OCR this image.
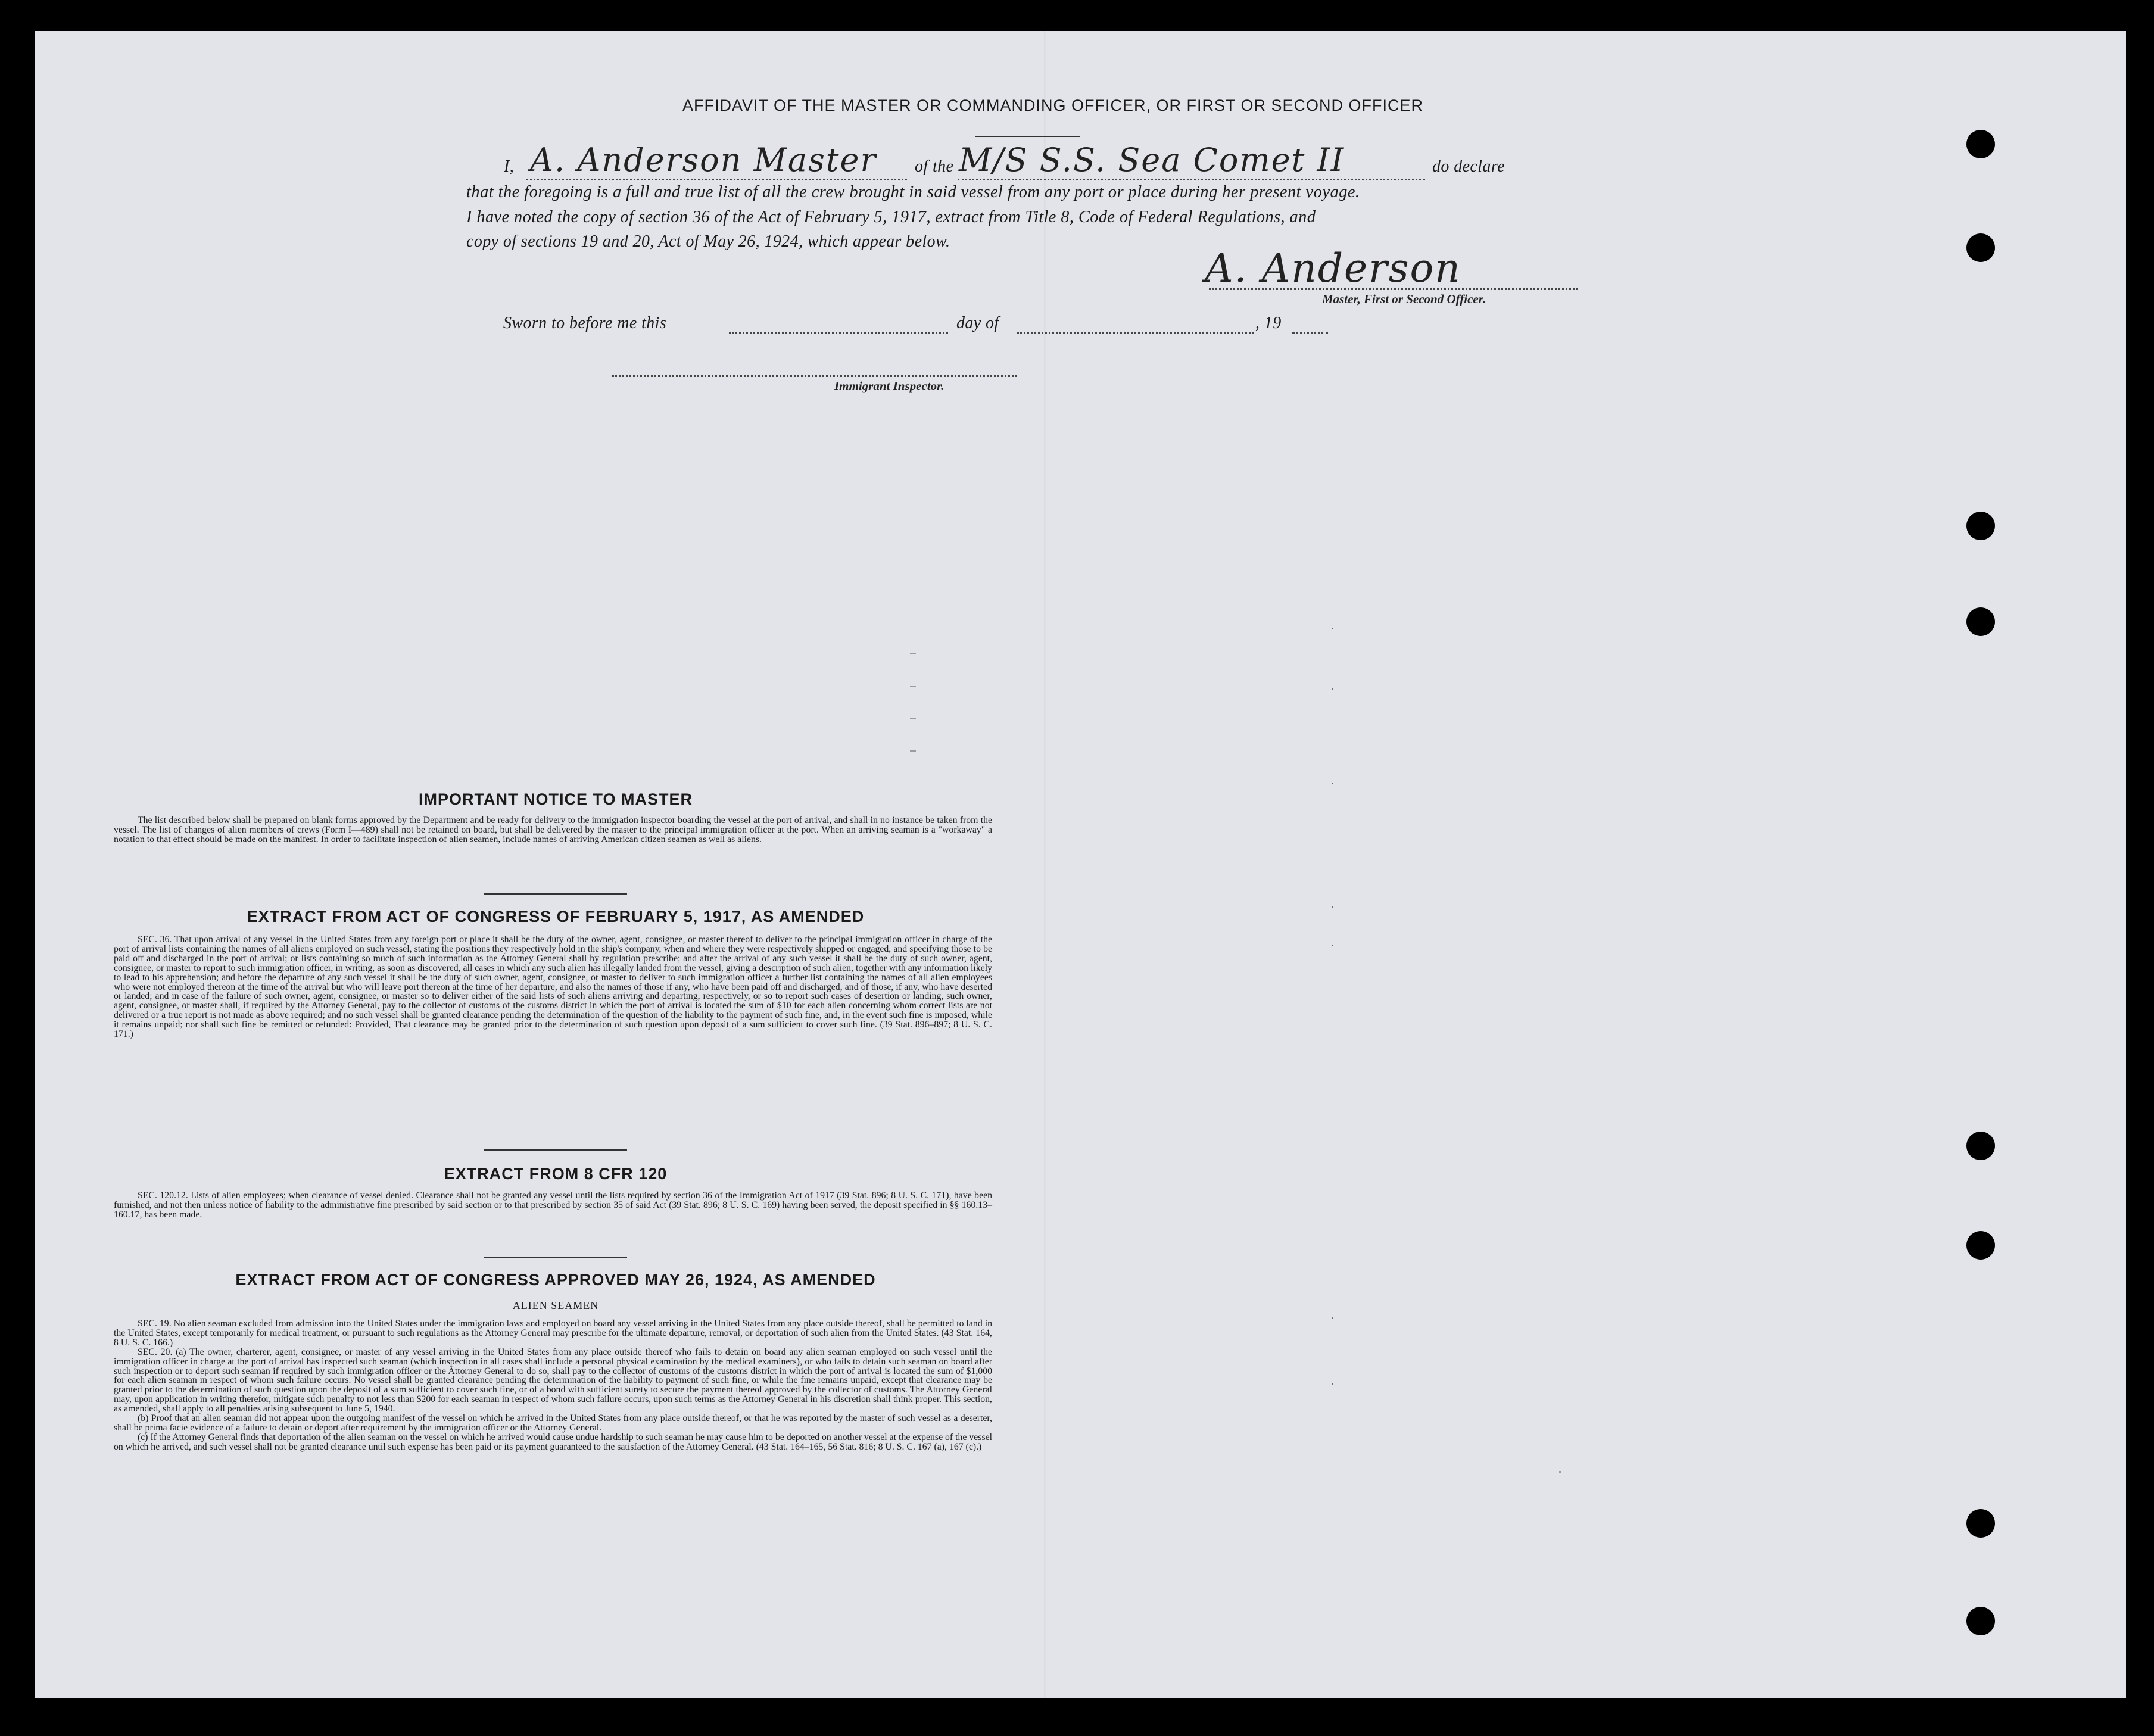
AFFIDAVIT OF THE MASTER OR COMMANDING OFFICER, OR FIRST OR SECOND OFFICER
I, A. Anderson Master of the M/S S.S. Sea Comet II	do declare
that the foregoing is a full and true list of all the crew brought in said vessel from any port or place during her present voyage.
I have noted the copy of section 36 of the Act of February 5, 1917, extract from Title 8, Code of Federal Regulations, and
copy of sections 19 and 20, Act of May 26, 1924, which appear below.
A. Anderson
Master, First or Second Officer.
Sworn to before me this	day of	, 19
Immigrant Inspector.
IMPORTANT NOTICE TO MASTER

The list described below shall be prepared on blank forms approved by the Department and be ready for delivery to the immigration inspector boarding the vessel at the port of arrival, and shall in no instance be taken from the vessel. The list of changes of alien members of crews (Form I—489) shall not be retained on board, but shall be delivered by the master to the principal immigration officer at the port. When an arriving seaman is a "workaway" a notation to that effect should be made on the manifest. In order to facilitate inspection of alien seamen, include names of arriving American citizen seamen as well as aliens.

EXTRACT FROM ACT OF CONGRESS OF FEBRUARY 5, 1917, AS AMENDED

SEC. 36. That upon arrival of any vessel in the United States from any foreign port or place it shall be the duty of the owner, agent, consignee, or master thereof to deliver to the principal immigration officer in charge of the port of arrival lists containing the names of all aliens employed on such vessel, stating the positions they respectively hold in the ship's company, when and where they were respectively shipped or engaged, and specifying those to be paid off and discharged in the port of arrival; or lists containing so much of such information as the Attorney General shall by regulation prescribe; and after the arrival of any such vessel it shall be the duty of such owner, agent, consignee, or master to report to such immigration officer, in writing, as soon as discovered, all cases in which any such alien has illegally landed from the vessel, giving a description of such alien, together with any information likely to lead to his apprehension; and before the departure of any such vessel it shall be the duty of such owner, agent, consignee, or master to deliver to such immigration officer a further list containing the names of all alien employees who were not employed thereon at the time of the arrival but who will leave port thereon at the time of her departure, and also the names of those if any, who have been paid off and discharged, and of those, if any, who have deserted or landed; and in case of the failure of such owner, agent, consignee, or master so to deliver either of the said lists of such aliens arriving and departing, respectively, or so to report such cases of desertion or landing, such owner, agent, consignee, or master shall, if required by the Attorney General, pay to the collector of customs of the customs district in which the port of arrival is located the sum of $10 for each alien concerning whom correct lists are not delivered or a true report is not made as above required; and no such vessel shall be granted clearance pending the determination of the question of the liability to the payment of such fine, and, in the event such fine is imposed, while it remains unpaid; nor shall such fine be remitted or refunded: Provided, That clearance may be granted prior to the determination of such question upon deposit of a sum sufficient to cover such fine. (39 Stat. 896–897; 8 U. S. C. 171.)

EXTRACT FROM 8 CFR 120

SEC. 120.12. Lists of alien employees; when clearance of vessel denied. Clearance shall not be granted any vessel until the lists required by section 36 of the Immigration Act of 1917 (39 Stat. 896; 8 U. S. C. 171), have been furnished, and not then unless notice of liability to the administrative fine prescribed by said section or to that prescribed by section 35 of said Act (39 Stat. 896; 8 U. S. C. 169) having been served, the deposit specified in §§ 160.13–160.17, has been made.

EXTRACT FROM ACT OF CONGRESS APPROVED MAY 26, 1924, AS AMENDED
ALIEN SEAMEN

SEC. 19. No alien seaman excluded from admission into the United States under the immigration laws and employed on board any vessel arriving in the United States from any place outside thereof, shall be permitted to land in the United States, except temporarily for medical treatment, or pursuant to such regulations as the Attorney General may prescribe for the ultimate departure, removal, or deportation of such alien from the United States. (43 Stat. 164, 8 U. S. C. 166.)

SEC. 20. (a) The owner, charterer, agent, consignee, or master of any vessel arriving in the United States from any place outside thereof who fails to detain on board any alien seaman employed on such vessel until the immigration officer in charge at the port of arrival has inspected such seaman (which inspection in all cases shall include a personal physical examination by the medical examiners), or who fails to detain such seaman on board after such inspection or to deport such seaman if required by such immigration officer or the Attorney General to do so, shall pay to the collector of customs of the customs district in which the port of arrival is located the sum of $1,000 for each alien seaman in respect of whom such failure occurs. No vessel shall be granted clearance pending the determination of the liability to payment of such fine, or while the fine remains unpaid, except that clearance may be granted prior to the determination of such question upon the deposit of a sum sufficient to cover such fine, or of a bond with sufficient surety to secure the payment thereof approved by the collector of customs. The Attorney General may, upon application in writing therefor, mitigate such penalty to not less than $200 for each seaman in respect of whom such failure occurs, upon such terms as the Attorney General in his discretion shall think proper. This section, as amended, shall apply to all penalties arising subsequent to June 5, 1940.

(b) Proof that an alien seaman did not appear upon the outgoing manifest of the vessel on which he arrived in the United States from any place outside thereof, or that he was reported by the master of such vessel as a deserter, shall be prima facie evidence of a failure to detain or deport after requirement by the immigration officer or the Attorney General.

(c) If the Attorney General finds that deportation of the alien seaman on the vessel on which he arrived would cause undue hardship to such seaman he may cause him to be deported on another vessel at the expense of the vessel on which he arrived, and such vessel shall not be granted clearance until such expense has been paid or its payment guaranteed to the satisfaction of the Attorney General. (43 Stat. 164–165, 56 Stat. 816; 8 U. S. C. 167 (a), 167 (c).)
